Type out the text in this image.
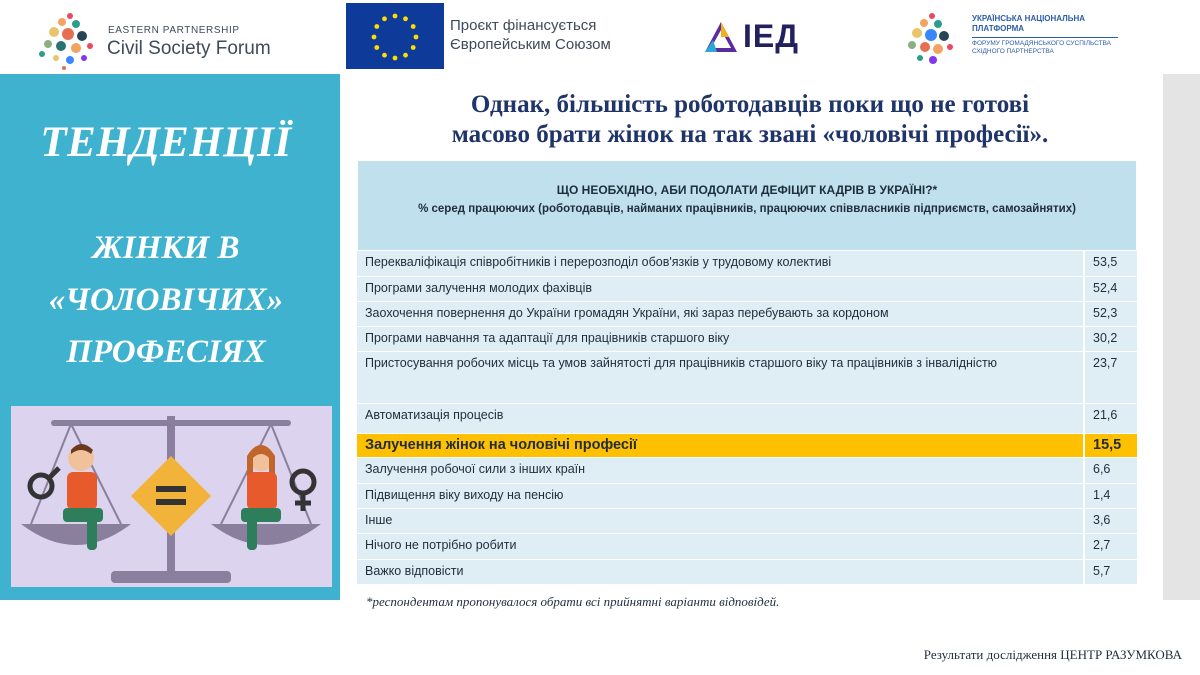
EASTERN PARTNERSHIP
Civil Society Forum
Проєкт фінансується
Європейським Союзом	ІЕД	УКРАЇНСЬКА НАЦІОНАЛЬНА ПЛАТФОРМА
ФОРУМУ ГРОМАДЯНСЬКОГО СУСПІЛЬСТВА СХІДНОГО ПАРТНЕРСТВА
ТЕНДЕНЦІЇ
ЖІНКИ В
«ЧОЛОВІЧИХ»
ПРОФЕСІЯХ
Однак, більшість роботодавців поки що не готові
масово брати жінок на так звані «чоловічі професії».
ЩО НЕОБХІДНО, АБИ ПОДОЛАТИ ДЕФІЦИТ КАДРІВ В УКРАЇНІ?*
% серед працюючих (роботодавців, найманих працівників, працюючих співвласників підприємств, самозайнятих)
Перекваліфікація співробітників і перерозподіл обов'язків у трудовому колективі	53,5
Програми залучення молодих фахівців	52,4
Заохочення повернення до України громадян України, які зараз перебувають за кордоном	52,3
Програми навчання та адаптації для працівників старшого віку	30,2
Пристосування робочих місць та умов зайнятості для працівників старшого віку та працівників з інвалідністю	23,7
Автоматизація процесів	21,6
Залучення жінок на чоловічі професії	15,5
Залучення робочої сили з інших країн	6,6
Підвищення віку виходу на пенсію	1,4
Інше	3,6
Нічого не потрібно робити	2,7
Важко відповісти	5,7
*респондентам пропонувалося обрати всі прийнятні варіанти відповідей.
Результати дослідження ЦЕНТР РАЗУМКОВА
